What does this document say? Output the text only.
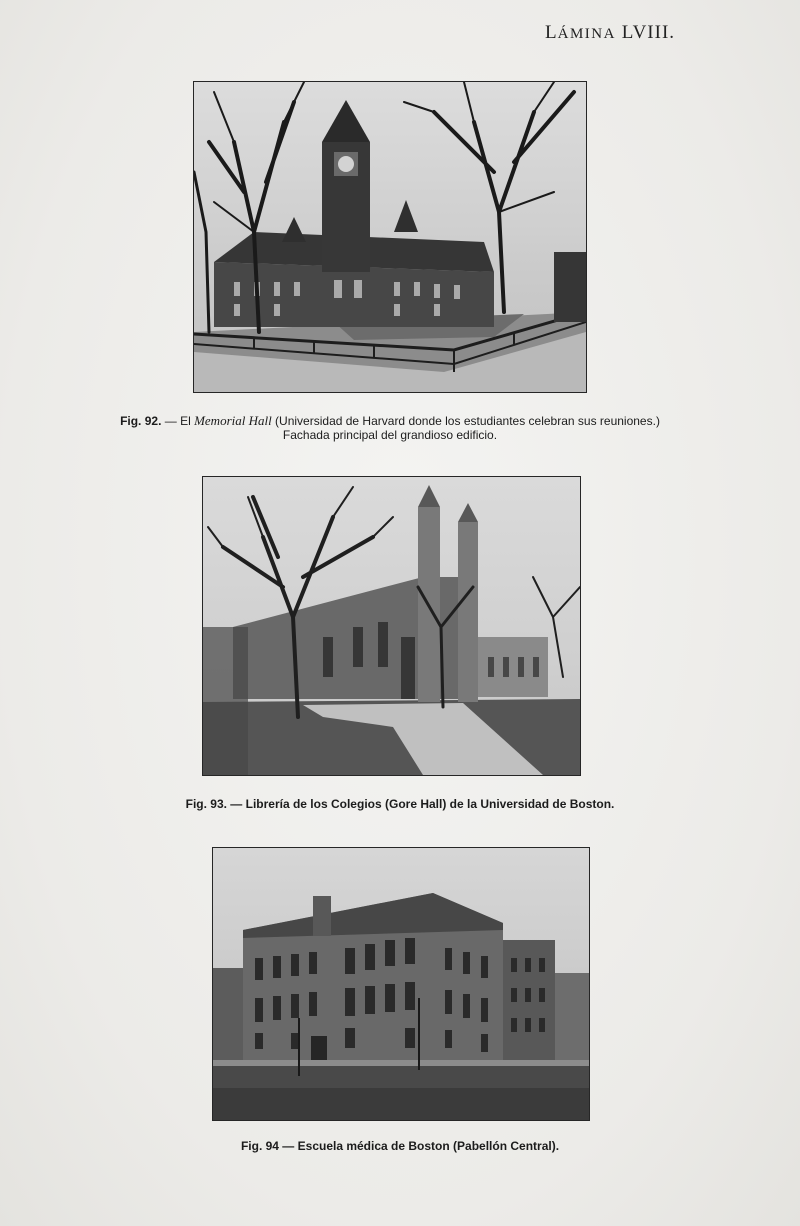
LÁMINA LVIII.
Fig. 92. — El Memorial Hall (Universidad de Harvard donde los estudiantes celebran sus reuniones.)
Fachada principal del grandioso edificio.
Fig. 93. — Librería de los Colegios (Gore Hall) de la Universidad de Boston.
Fig. 94 — Escuela médica de Boston (Pabellón Central).
